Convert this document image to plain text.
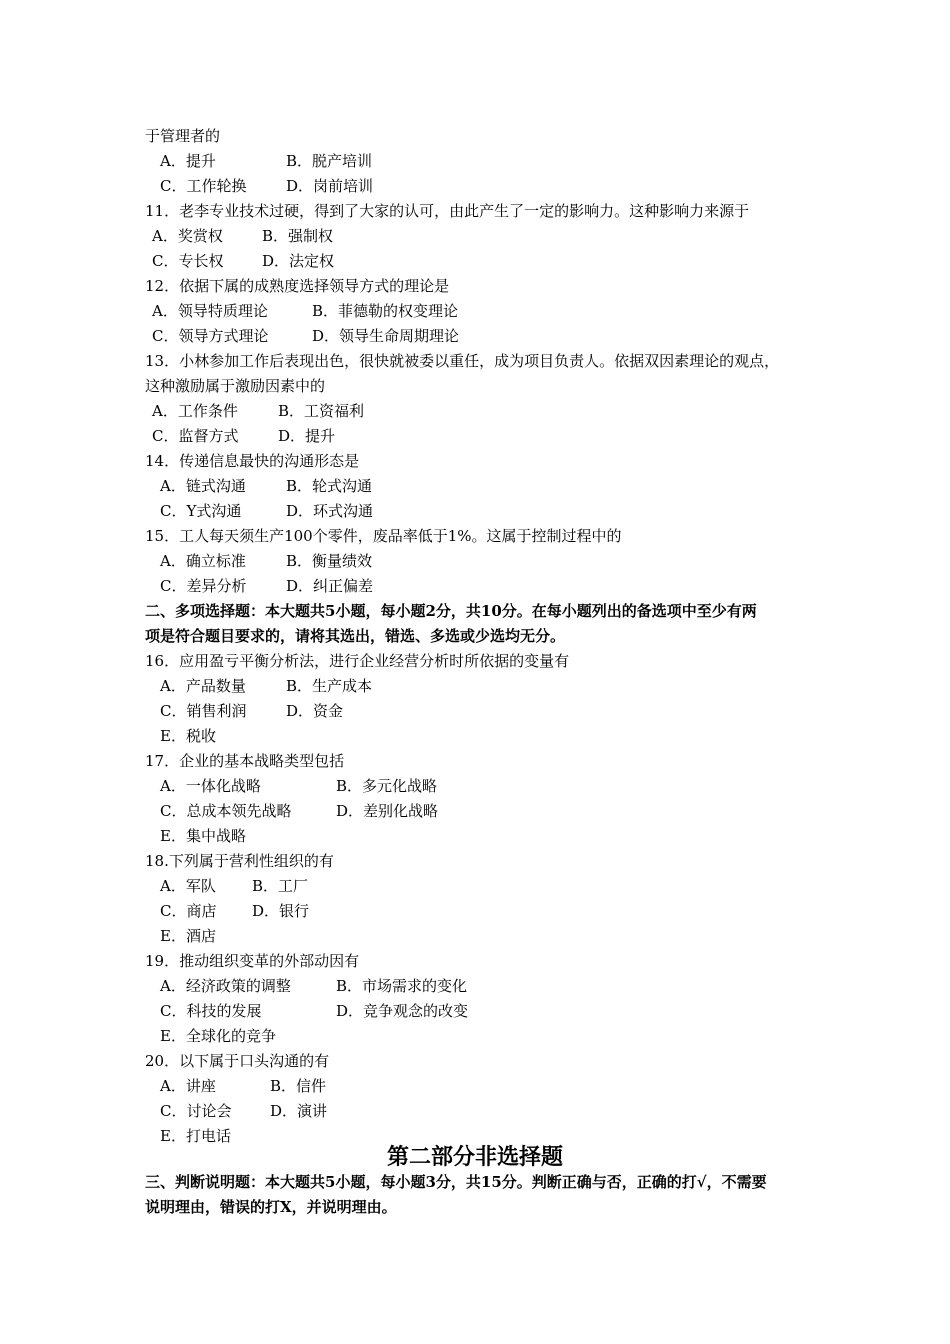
于管理者的
A．提升	B．脱产培训
C．工作轮换	D．岗前培训
11．老李专业技术过硬，得到了大家的认可，由此产生了一定的影响力。这种影响力来源于
A．奖赏权	B．强制权
C．专长权	D．法定权
12．依据下属的成熟度选择领导方式的理论是
A．领导特质理论	B．菲德勒的权变理论
C．领导方式理论	D．领导生命周期理论
13．小林参加工作后表现出色，很快就被委以重任，成为项目负责人。依据双因素理论的观点，
这种激励属于激励因素中的
A．工作条件	B．工资福利
C．监督方式	D．提升
14．传递信息最快的沟通形态是
A．链式沟通	B．轮式沟通
C．Y式沟通	D．环式沟通
15．工人每天须生产100个零件，废品率低于1%。这属于控制过程中的
A．确立标准	B．衡量绩效
C．差异分析	D．纠正偏差
二、多项选择题：本大题共5小题，每小题2分，共10分。在每小题列出的备选项中至少有两
项是符合题目要求的，请将其选出，错选、多选或少选均无分。
16．应用盈亏平衡分析法，进行企业经营分析时所依据的变量有
A．产品数量	B．生产成本
C．销售利润	D．资金
E．税收
17．企业的基本战略类型包括
A．一体化战略	B．多元化战略
C．总成本领先战略	D．差别化战略
E．集中战略
18.下列属于营利性组织的有
A．军队 B．工厂
C．商店 D．银行
E．酒店
19．推动组织变革的外部动因有
A．经济政策的调整	B．市场需求的变化
C．科技的发展	D．竞争观念的改变
E．全球化的竞争
20．以下属于口头沟通的有
A．讲座	B．信件
C．讨论会	D．演讲
E．打电话
第二部分非选择题
三、判断说明题：本大题共5小题，每小题3分，共15分。判断正确与否，正确的打√，不需要
说明理由，错误的打X，并说明理由。
